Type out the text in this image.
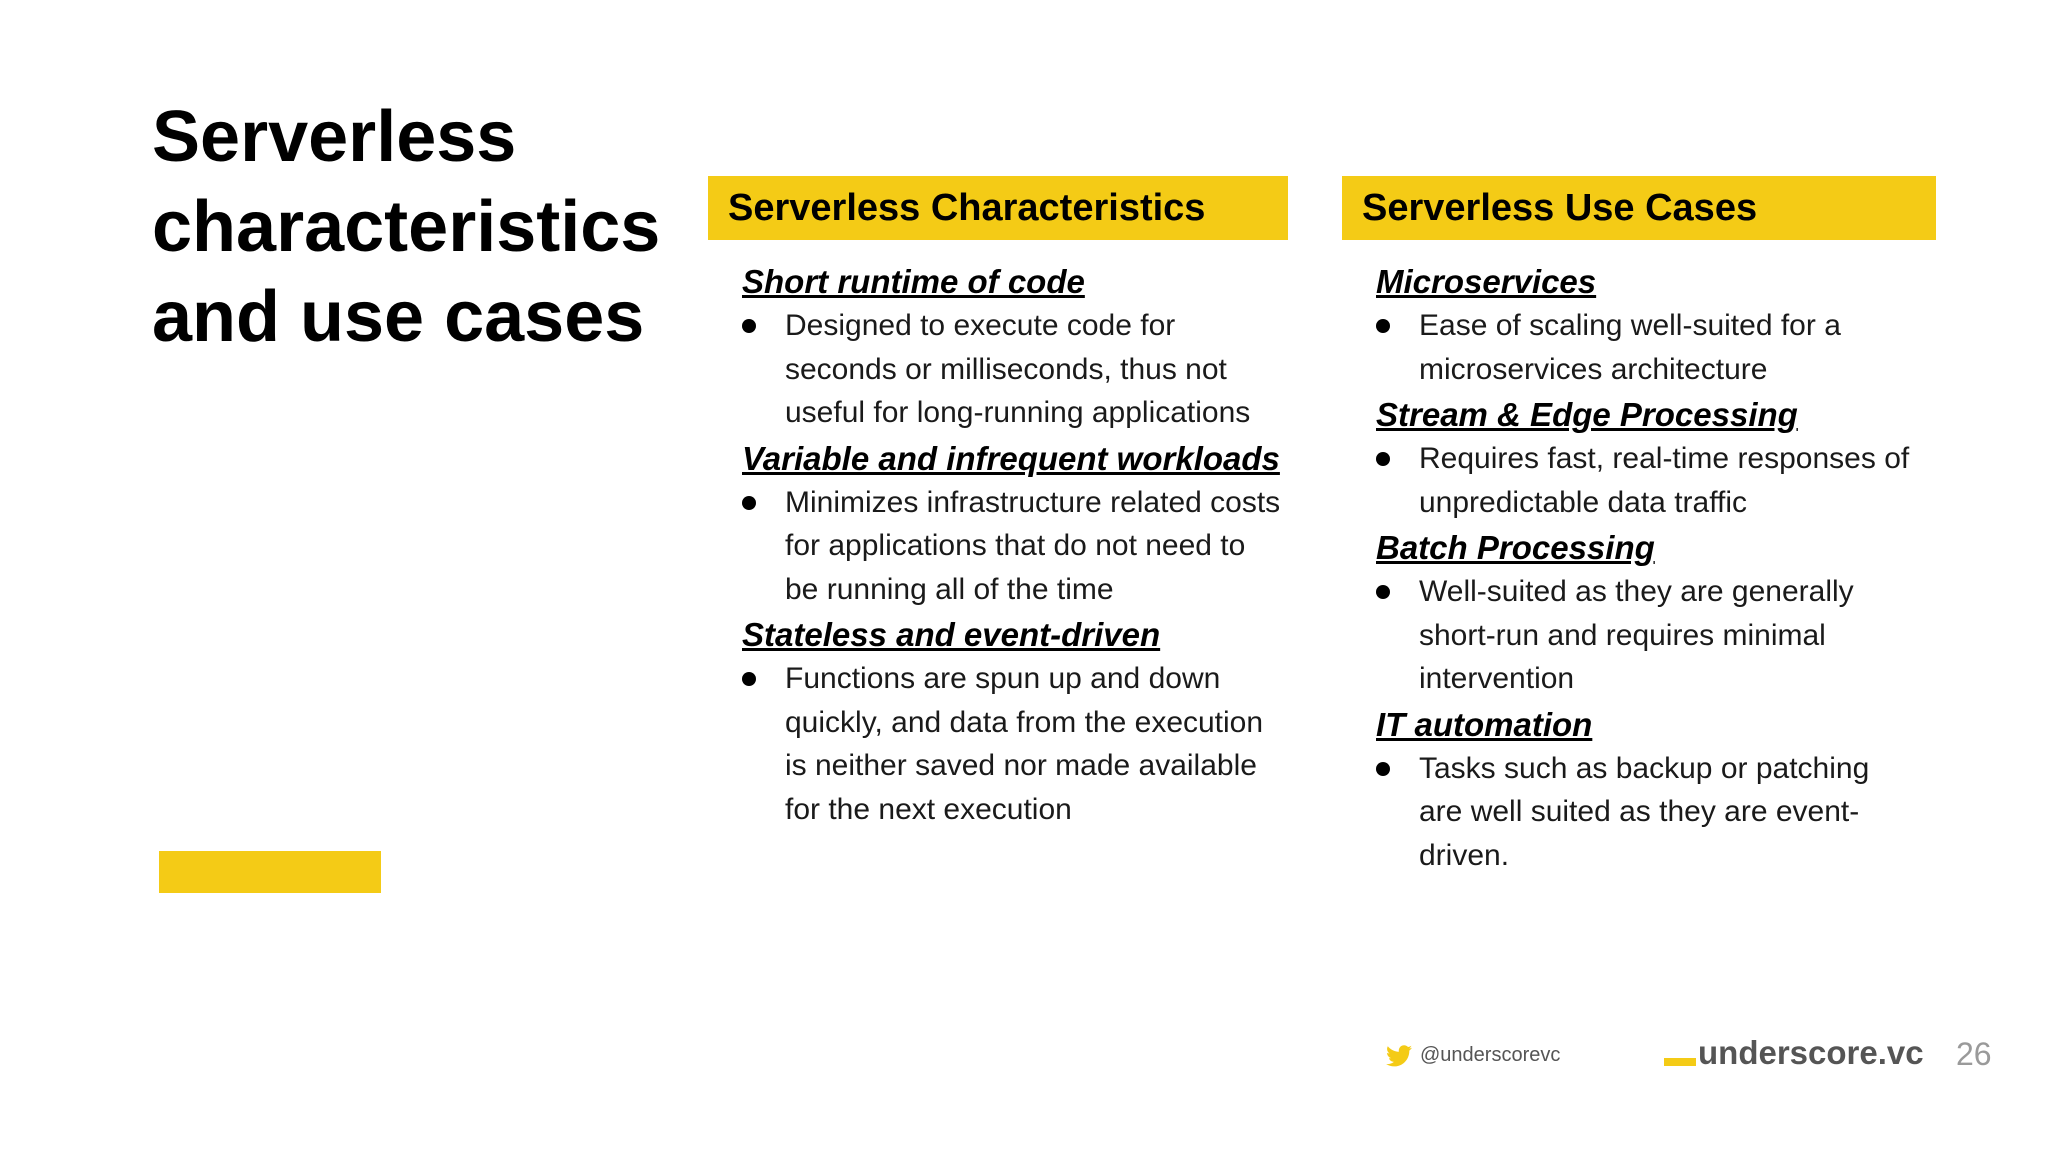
Serverless
characteristics
and use cases
Serverless Characteristics
Short runtime of code
Designed to execute code for seconds or milliseconds, thus not useful for long-running applications
Variable and infrequent workloads
Minimizes infrastructure related costs for applications that do not need to be running all of the time
Stateless and event-driven
Functions are spun up and down quickly, and data from the execution is neither saved nor made available for the next execution
Serverless Use Cases
Microservices
Ease of scaling well-suited for a microservices architecture
Stream & Edge Processing
Requires fast, real-time responses of unpredictable data traffic
Batch Processing
Well-suited as they are generally short-run and requires minimal intervention
IT automation
Tasks such as backup or patching are well suited as they are event-driven.
@underscorevc	underscore.vc 26
